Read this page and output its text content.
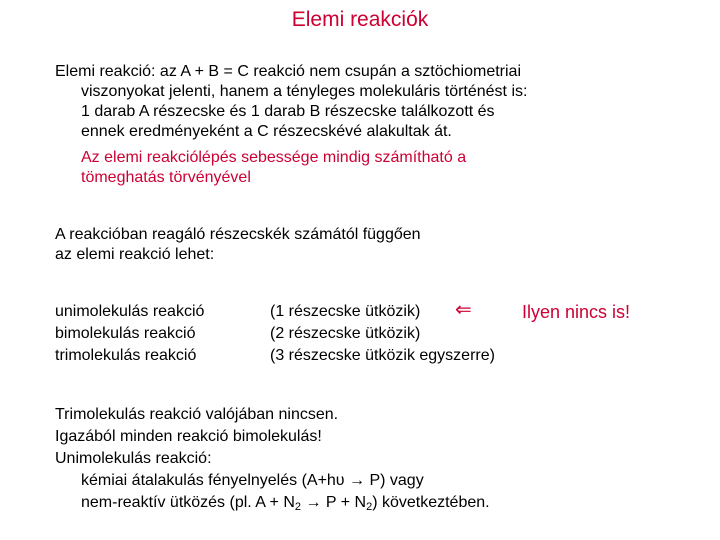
Elemi reakciók
Elemi reakció: az A + B = C reakció nem csupán a sztöchiometriai
viszonyokat jelenti, hanem a tényleges molekuláris történést is:
1 darab A részecske és 1 darab B részecske találkozott és
ennek eredményeként a C részecskévé alakultak át.
Az elemi reakciólépés sebessége mindig számítható a
tömeghatás törvényével
A reakcióban reagáló részecskék számától függően
az elemi reakció lehet:
unimolekulás reakció
bimolekulás reakció
trimolekulás reakció
(1 részecske ütközik)
(2 részecske ütközik)
(3 részecske ütközik egyszerre)
⇐	Ilyen nincs is!
Trimolekulás reakció valójában nincsen.
Igazából minden reakció bimolekulás!
Unimolekulás reakció:
kémiai átalakulás fényelnyelés (A+hυ → P) vagy
nem-reaktív ütközés (pl. $A + N_2 \to P + N_2$) következtében.
